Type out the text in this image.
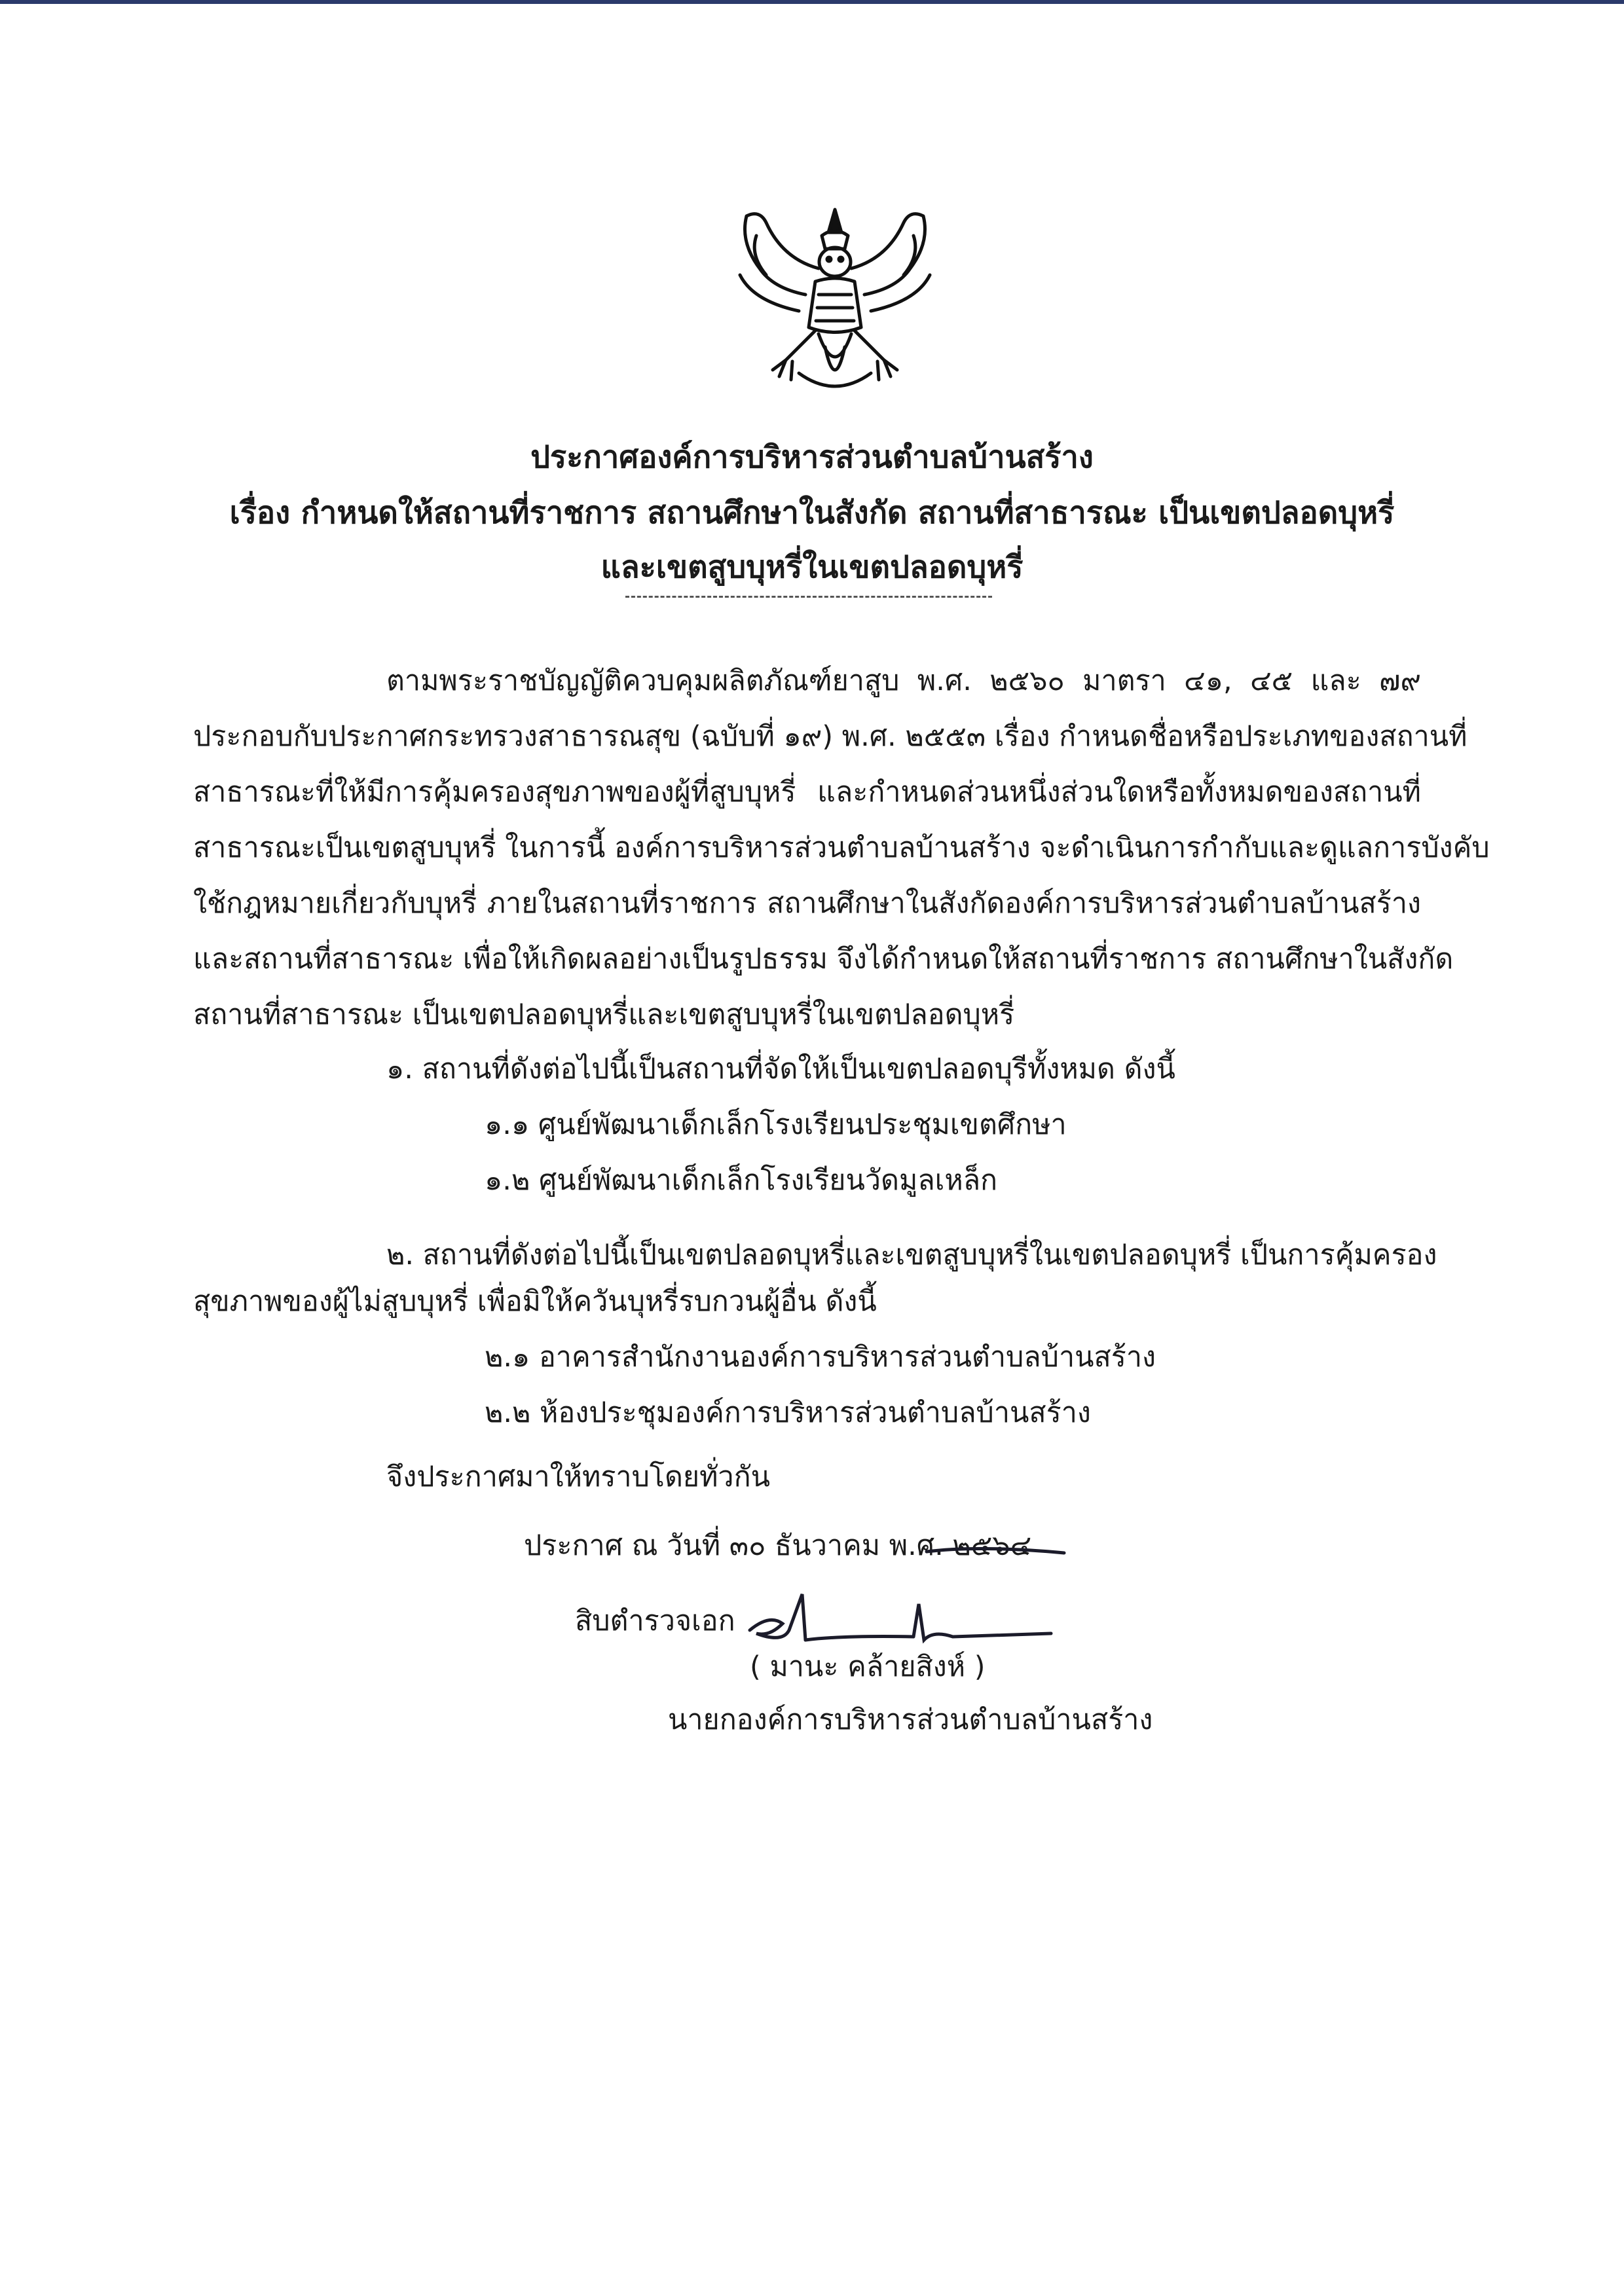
ประกาศองค์การบริหารส่วนตำบลบ้านสร้าง
เรื่อง กำหนดให้สถานที่ราชการ สถานศึกษาในสังกัด สถานที่สาธารณะ เป็นเขตปลอดบุหรี่
และเขตสูบบุหรี่ในเขตปลอดบุหรี่
ตามพระราชบัญญัติควบคุมผลิตภัณฑ์ยาสูบ พ.ศ. ๒๕๖๐ มาตรา ๔๑, ๔๕ และ ๗๙
ประกอบกับประกาศกระทรวงสาธารณสุข (ฉบับที่ ๑๙) พ.ศ. ๒๕๕๓ เรื่อง กำหนดชื่อหรือประเภทของสถานที่
สาธารณะที่ให้มีการคุ้มครองสุขภาพของผู้ที่สูบบุหรี่ และกำหนดส่วนหนึ่งส่วนใดหรือทั้งหมดของสถานที่
สาธารณะเป็นเขตสูบบุหรี่ ในการนี้ องค์การบริหารส่วนตำบลบ้านสร้าง จะดำเนินการกำกับและดูแลการบังคับ
ใช้กฎหมายเกี่ยวกับบุหรี่ ภายในสถานที่ราชการ สถานศึกษาในสังกัดองค์การบริหารส่วนตำบลบ้านสร้าง
และสถานที่สาธารณะ เพื่อให้เกิดผลอย่างเป็นรูปธรรม จึงได้กำหนดให้สถานที่ราชการ สถานศึกษาในสังกัด
สถานที่สาธารณะ เป็นเขตปลอดบุหรี่และเขตสูบบุหรี่ในเขตปลอดบุหรี่
๑. สถานที่ดังต่อไปนี้เป็นสถานที่จัดให้เป็นเขตปลอดบุรีทั้งหมด ดังนี้
๑.๑ ศูนย์พัฒนาเด็กเล็กโรงเรียนประชุมเขตศึกษา
๑.๒ ศูนย์พัฒนาเด็กเล็กโรงเรียนวัดมูลเหล็ก
๒. สถานที่ดังต่อไปนี้เป็นเขตปลอดบุหรี่และเขตสูบบุหรี่ในเขตปลอดบุหรี่ เป็นการคุ้มครอง
สุขภาพของผู้ไม่สูบบุหรี่ เพื่อมิให้ควันบุหรี่รบกวนผู้อื่น ดังนี้
๒.๑ อาคารสำนักงานองค์การบริหารส่วนตำบลบ้านสร้าง
๒.๒ ห้องประชุมองค์การบริหารส่วนตำบลบ้านสร้าง
จึงประกาศมาให้ทราบโดยทั่วกัน
ประกาศ ณ วันที่ ๓๐ ธันวาคม พ.ศ. ๒๕๖๔
สิบตำรวจเอก
( มานะ คล้ายสิงห์ )
นายกองค์การบริหารส่วนตำบลบ้านสร้าง
